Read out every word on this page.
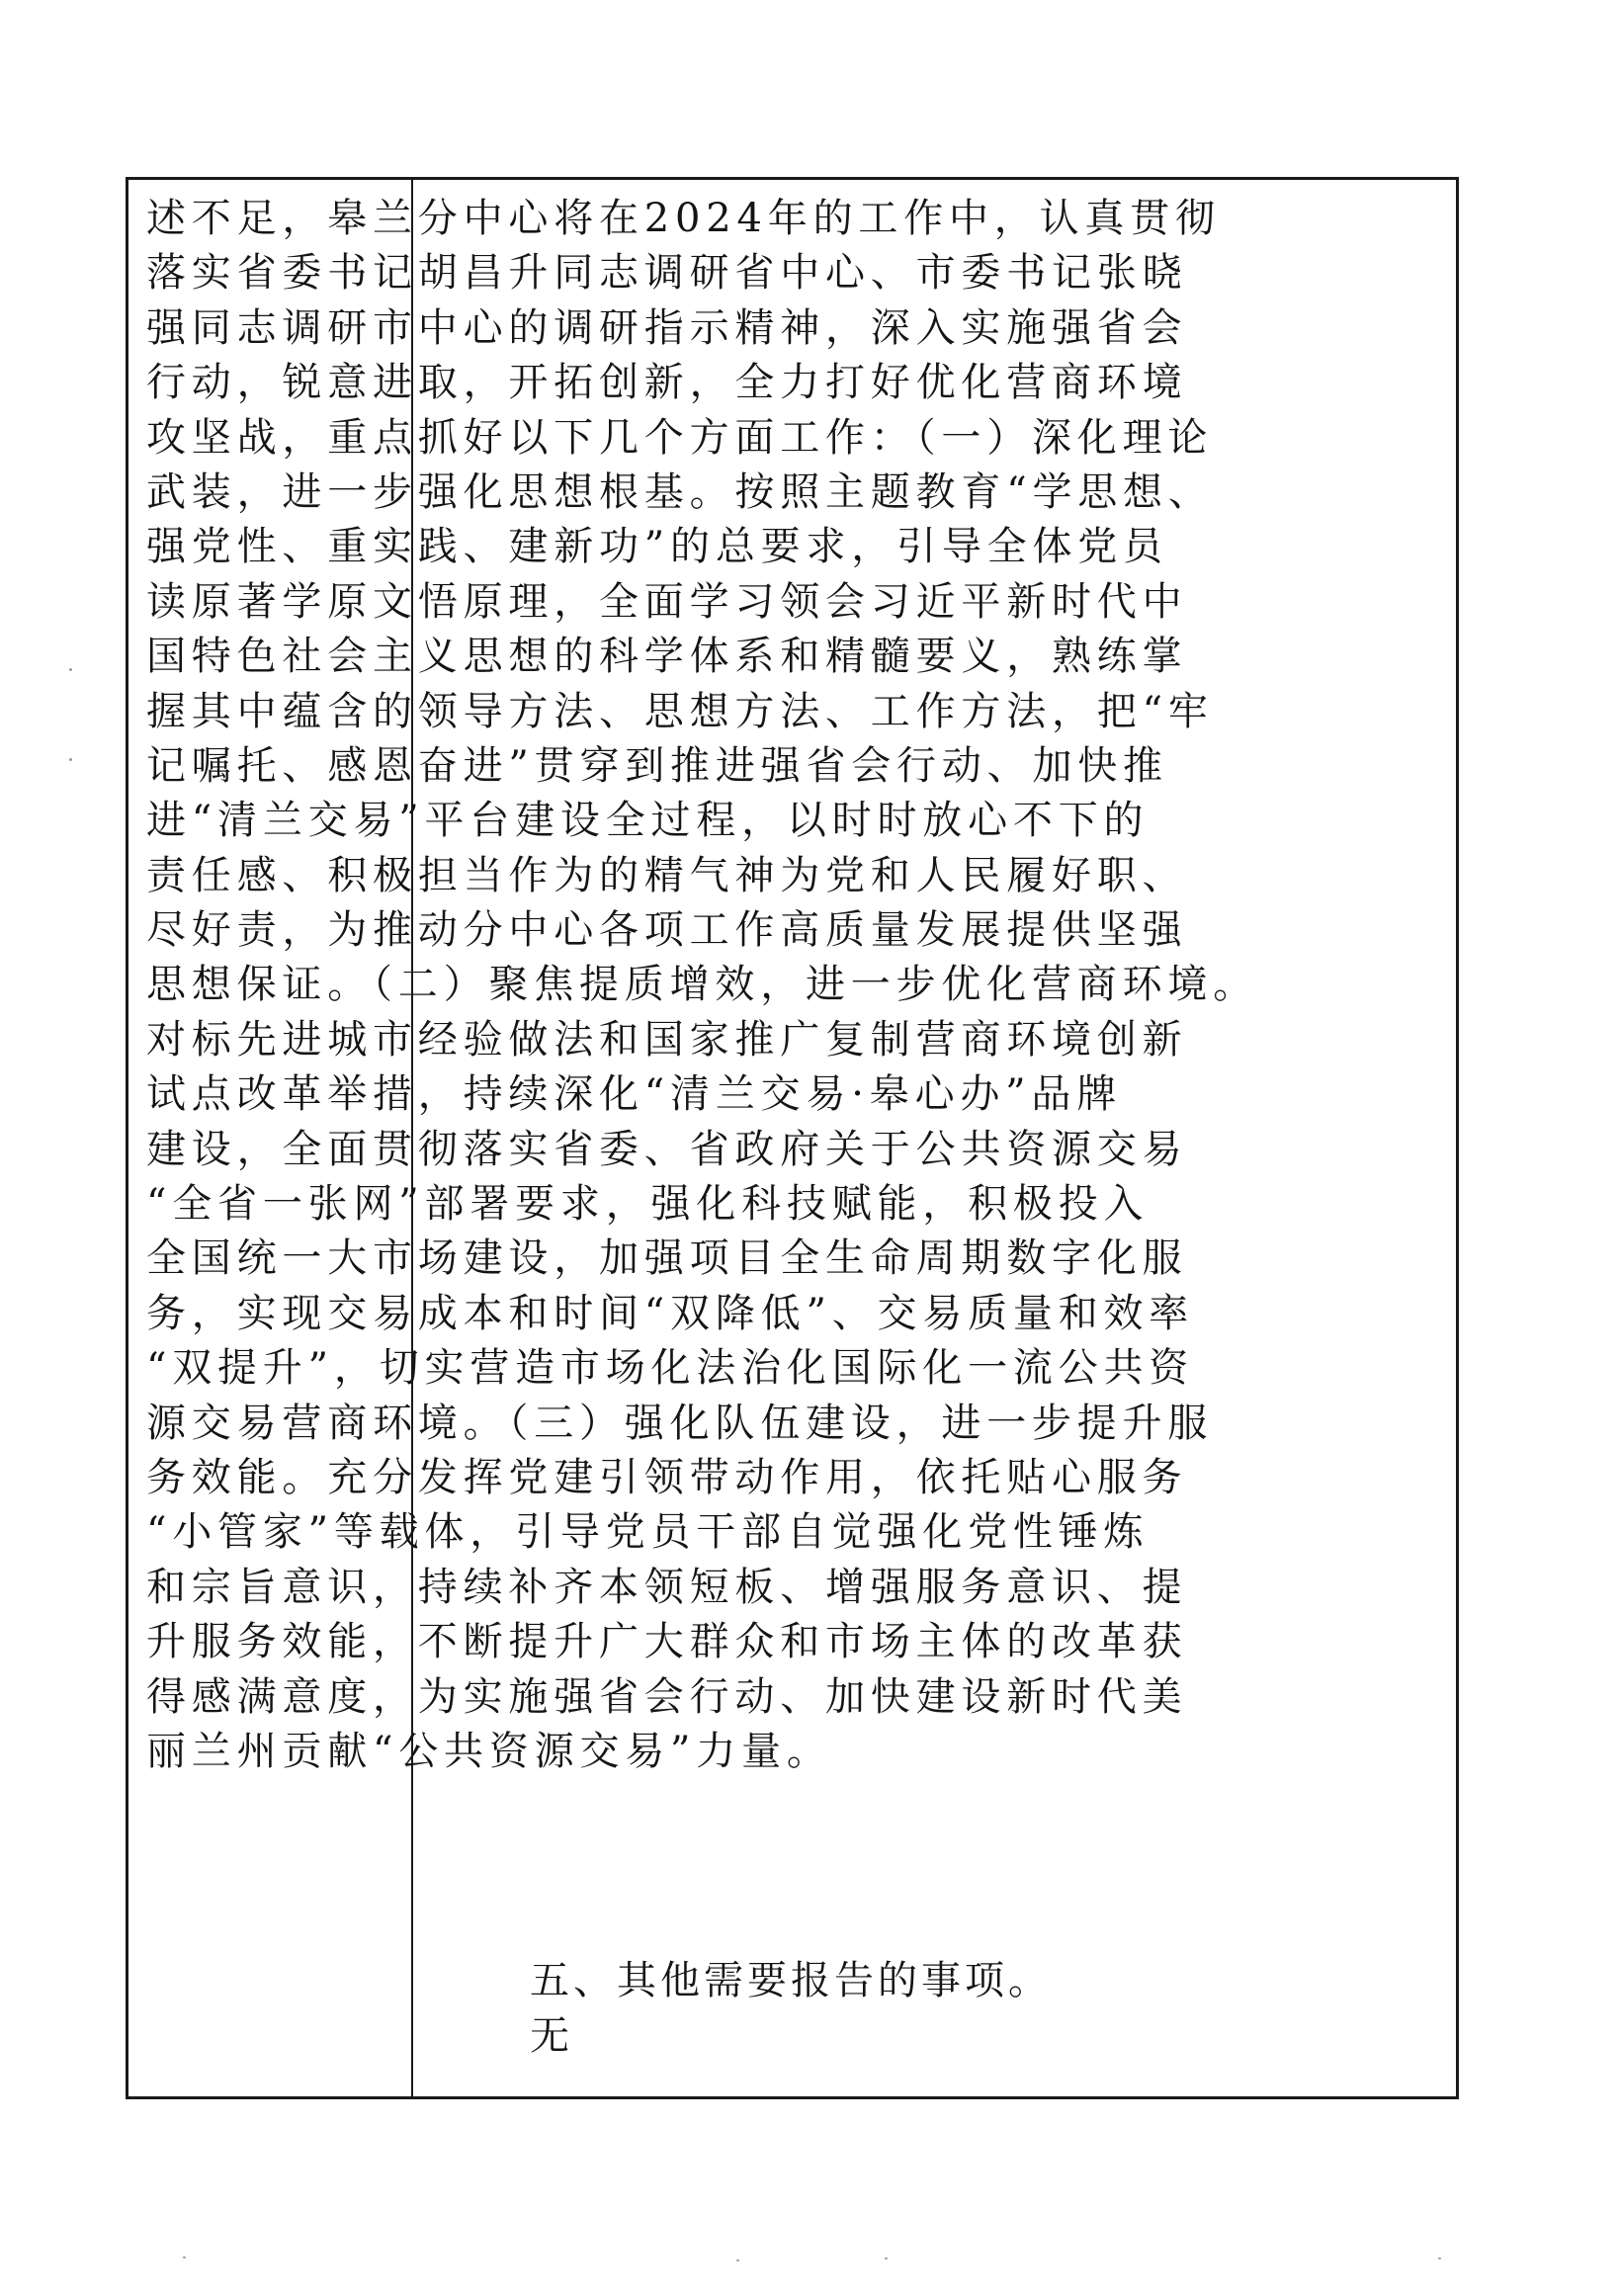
述不足，皋兰分中心将在2024年的工作中，认真贯彻
落实省委书记胡昌升同志调研省中心、市委书记张晓
强同志调研市中心的调研指示精神，深入实施强省会
行动，锐意进取，开拓创新，全力打好优化营商环境
攻坚战，重点抓好以下几个方面工作：（一）深化理论
武装，进一步强化思想根基。按照主题教育“学思想、
强党性、重实践、建新功”的总要求，引导全体党员
读原著学原文悟原理，全面学习领会习近平新时代中
国特色社会主义思想的科学体系和精髓要义，熟练掌
握其中蕴含的领导方法、思想方法、工作方法，把“牢
记嘱托、感恩奋进”贯穿到推进强省会行动、加快推
进“清兰交易”平台建设全过程，以时时放心不下的
责任感、积极担当作为的精气神为党和人民履好职、
尽好责，为推动分中心各项工作高质量发展提供坚强
思想保证。（二）聚焦提质增效，进一步优化营商环境。
对标先进城市经验做法和国家推广复制营商环境创新
试点改革举措，持续深化“清兰交易·皋心办”品牌
建设，全面贯彻落实省委、省政府关于公共资源交易
“全省一张网”部署要求，强化科技赋能，积极投入
全国统一大市场建设，加强项目全生命周期数字化服
务，实现交易成本和时间“双降低”、交易质量和效率
“双提升”，切实营造市场化法治化国际化一流公共资
源交易营商环境。（三）强化队伍建设，进一步提升服
务效能。充分发挥党建引领带动作用，依托贴心服务
“小管家”等载体，引导党员干部自觉强化党性锤炼
和宗旨意识，持续补齐本领短板、增强服务意识、提
升服务效能，不断提升广大群众和市场主体的改革获
得感满意度，为实施强省会行动、加快建设新时代美
丽兰州贡献“公共资源交易”力量。
五、其他需要报告的事项。
无
